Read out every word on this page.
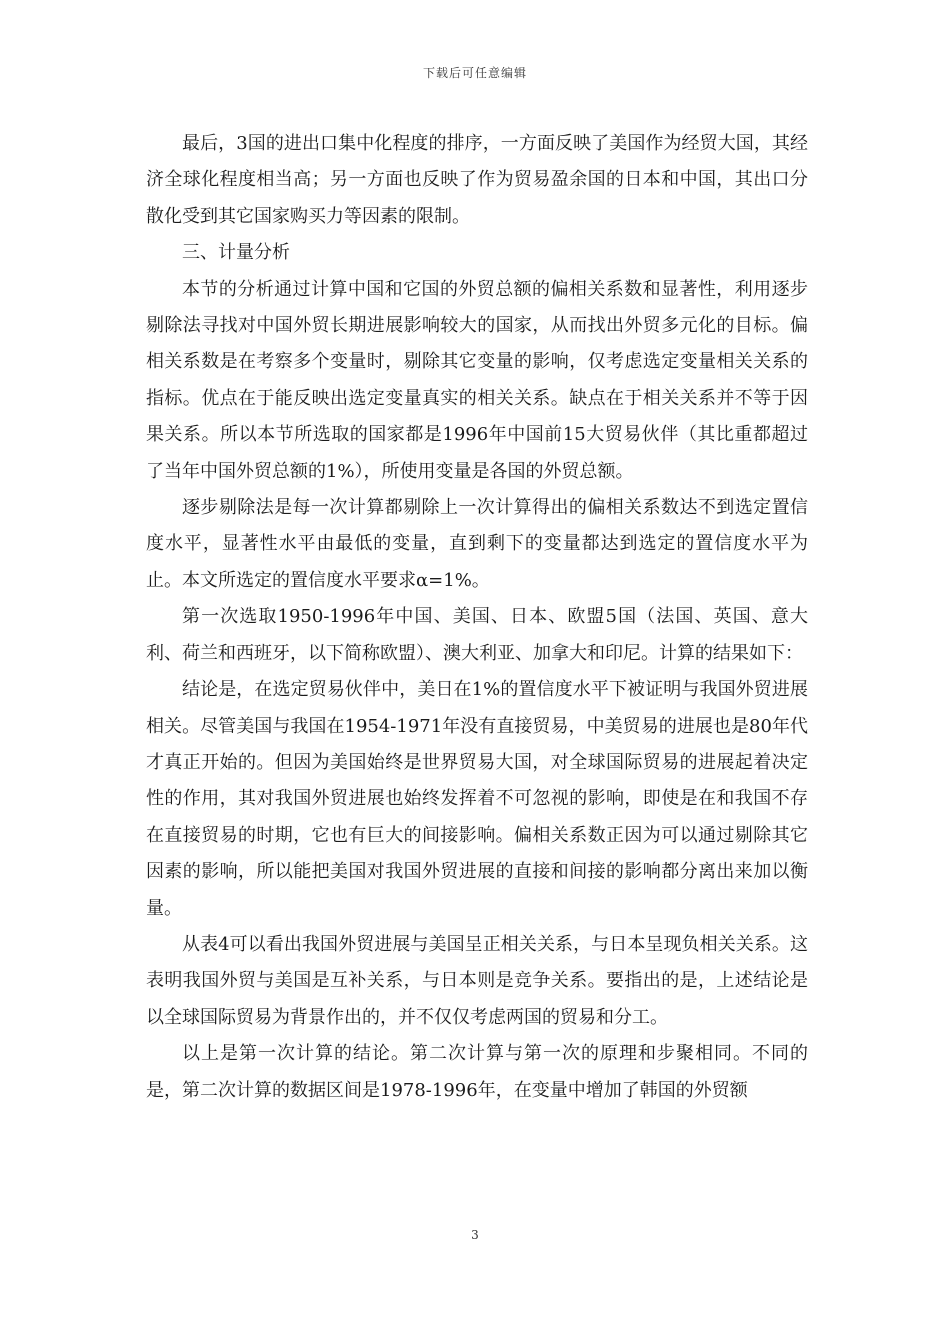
下载后可任意编辑

最后，3国的进出口集中化程度的排序，一方面反映了美国作为经贸大国，其经济全球化程度相当高；另一方面也反映了作为贸易盈余国的日本和中国，其出口分散化受到其它国家购买力等因素的限制。

三、计量分析

本节的分析通过计算中国和它国的外贸总额的偏相关系数和显著性，利用逐步剔除法寻找对中国外贸长期进展影响较大的国家，从而找出外贸多元化的目标。偏相关系数是在考察多个变量时，剔除其它变量的影响，仅考虑选定变量相关关系的指标。优点在于能反映出选定变量真实的相关关系。缺点在于相关关系并不等于因果关系。所以本节所选取的国家都是1996年中国前15大贸易伙伴（其比重都超过了当年中国外贸总额的1%），所使用变量是各国的外贸总额。

逐步剔除法是每一次计算都剔除上一次计算得出的偏相关系数达不到选定置信度水平，显著性水平由最低的变量，直到剩下的变量都达到选定的置信度水平为止。本文所选定的置信度水平要求α=1%。

第一次选取1950-1996年中国、美国、日本、欧盟5国（法国、英国、意大利、荷兰和西班牙，以下简称欧盟）、澳大利亚、加拿大和印尼。计算的结果如下：

结论是，在选定贸易伙伴中，美日在1%的置信度水平下被证明与我国外贸进展相关。尽管美国与我国在1954-1971年没有直接贸易，中美贸易的进展也是80年代才真正开始的。但因为美国始终是世界贸易大国，对全球国际贸易的进展起着决定性的作用，其对我国外贸进展也始终发挥着不可忽视的影响，即使是在和我国不存在直接贸易的时期，它也有巨大的间接影响。偏相关系数正因为可以通过剔除其它因素的影响，所以能把美国对我国外贸进展的直接和间接的影响都分离出来加以衡量。

从表4可以看出我国外贸进展与美国呈正相关关系，与日本呈现负相关关系。这表明我国外贸与美国是互补关系，与日本则是竞争关系。要指出的是，上述结论是以全球国际贸易为背景作出的，并不仅仅考虑两国的贸易和分工。

以上是第一次计算的结论。第二次计算与第一次的原理和步聚相同。不同的是，第二次计算的数据区间是1978-1996年，在变量中增加了韩国的外贸额

3
